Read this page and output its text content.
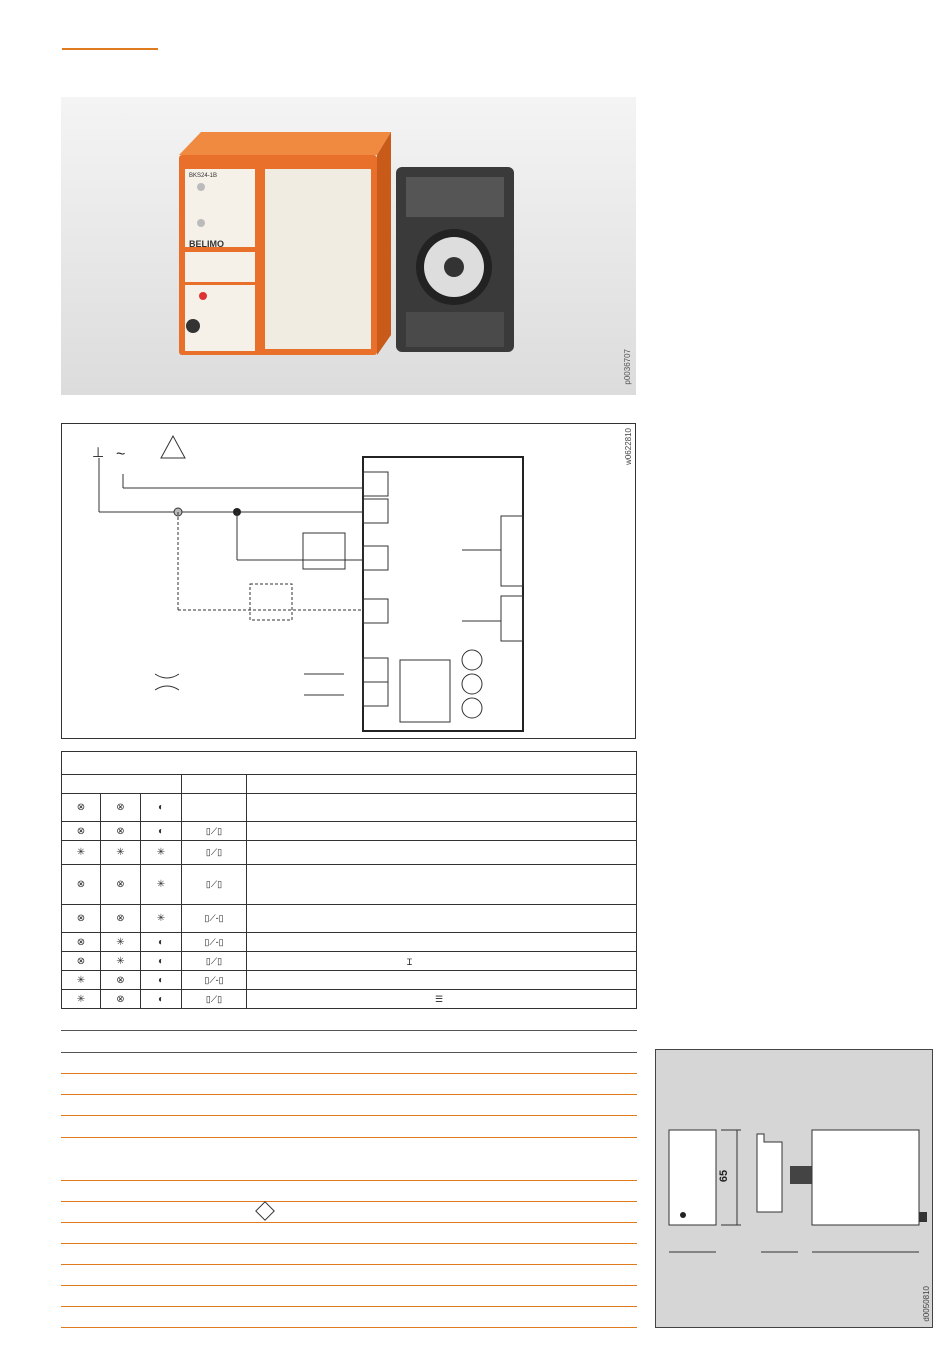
BELIMO
BKS24-1B
p0036707
⊥ ~	w0622810

⊗	⊗	◐		
⊗	⊗	◐	▯⟋▯	
✳	✳	✳	▯⟋▯	
⊗	⊗	✳	▯⟋▯	
⊗	⊗	✳	▯⟋-▯	
⊗	✳	◐	▯⟋-▯	
⊗	✳	◐	▯⟋▯	Ɪ
✳	⊗	◐	▯⟋-▯	
✳	⊗	◐	▯⟋▯	☰
65
d0050810
